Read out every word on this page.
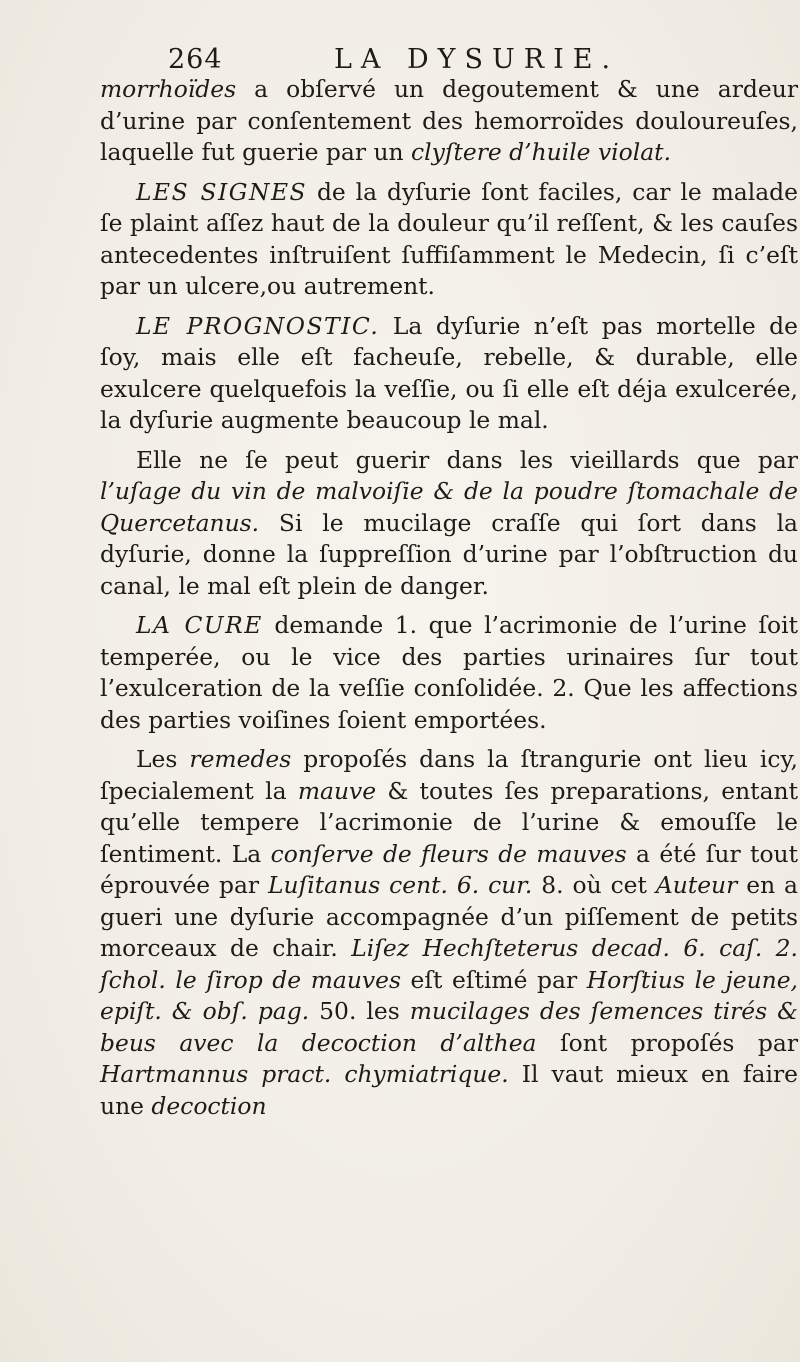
264	LA DYSURIE.

morrhoïdes a obſervé un degoutement & une ardeur d’urine par conſentement des hemorroïdes douloureuſes, laquelle fut guerie par un clyſtere d’huile violat.

LES SIGNES de la dyſurie ſont faciles, car le malade ſe plaint aſſez haut de la douleur qu’il reſſent, & les cauſes antecedentes inſtruiſent ſuffiſamment le Medecin, ſi c’eſt par un ulcere,ou autrement.

LE PROGNOSTIC. La dyſurie n’eſt pas mortelle de ſoy, mais elle eſt facheuſe, rebelle, & durable, elle exulcere quelquefois la veſſie, ou ſi elle eſt déja exulcerée, la dyſurie augmente beaucoup le mal.

Elle ne ſe peut guerir dans les vieillards que par l’uſage du vin de malvoiſie & de la poudre ſtomachale de Quercetanus. Si le mucilage craſſe qui ſort dans la dyſurie, donne la ſuppreſſion d’urine par l’obſtruction du canal, le mal eſt plein de danger.

LA CURE demande 1. que l’acrimonie de l’urine ſoit temperée, ou le vice des parties urinaires ſur tout l’exulceration de la veſſie conſolidée. 2. Que les affections des parties voiſines ſoient emportées.

Les remedes propoſés dans la ſtrangurie ont lieu icy, ſpecialement la mauve & toutes ſes preparations, entant qu’elle tempere l’acrimonie de l’urine & emouſſe le ſentiment. La conſerve de fleurs de mauves a été ſur tout éprouvée par Luſitanus cent. 6. cur. 8. où cet Auteur en a gueri une dyſurie accompagnée d’un piſſement de petits morceaux de chair. Liſez Hechſteterus decad. 6. caſ. 2. ſchol. le ſirop de mauves eſt eſtimé par Horſtius le jeune, epiſt. & obſ. pag. 50. les mucilages des ſemences tirés & beus avec la decoction d’althea ſont propoſés par Hartmannus pract. chymiatrique. Il vaut mieux en faire une decoction
